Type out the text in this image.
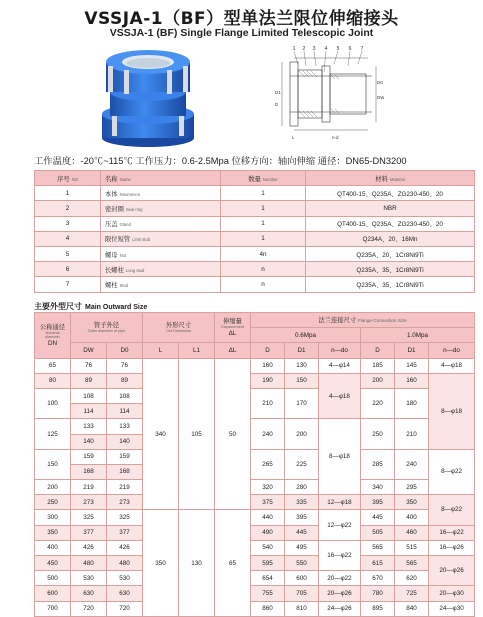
VSSJA-1（BF）型单法兰限位伸缩接头
VSSJA-1 (BF) Single Flange Limited Telescopic Joint
1 2 3 4 5 6 7
L
D0
DW
D1
D
n-d
工作温度：-20℃~115℃ 工作压力：0.6-2.5Mpa 位移方向：轴向伸缩 通径：DN65-DN3200
序号 NO	名称 Name	数量 Number	材料 Material
1	本体 Noumenon	1	QT400-15、Q235A、ZG230-450、20
2	密封圈 Seal ring	1	NBR
3	压盖 Gland	1	QT400-15、Q235A、ZG230-450、20
4	限位短管 Limit stub	1	Q234A、20、16Mn
5	螺母 Nut	4n	Q235A、20、1Cr8Ni9Ti
6	长螺柱 Long stud	n	Q235A、35、1Cr8Ni9Ti
7	螺柱 Stud	n	Q235A、35、1Cr8Ni9Ti
主要外型尺寸 Main Outward Size
公称通径
Nominal
diameter
DN	管子外径
Outer diameter of pipe		外形尺寸
Out Dimension		伸缩量
Displacement
ΔL	法兰连接尺寸 Flange Connection Size					
						0.6Mpa			1.0Mpa		
	DW	D0	L	L1	ΔL	D	D1	n—do	D	D1	n—do
65	76	76	340	105	50	160	130	4—φ14	185	145	4—φ18
80	89	89				190	150	4—φ18	200	160	8—φ18
100	108	108				210	170		220	180	
	114	114									
125	133	133				240	200	8—φ18	250	210	
	140	140									
150	159	159				265	225		285	240	8—φ22
	168	168									
200	219	219				320	280		340	295	
250	273	273				375	335	12—φ18	395	350	8—φ22
300	325	325	350	130	65	440	395	12—φ22	445	400	
350	377	377				490	445		505	460	16—φ22
400	426	426				540	495	16—φ22	565	515	16—φ26
450	480	480				595	550		615	565	20—φ26
500	530	530				654	600	20—φ22	670	620	
600	630	630				755	705	20—φ26	780	725	20—φ30
700	720	720				860	810	24—φ26	895	840	24—φ30
